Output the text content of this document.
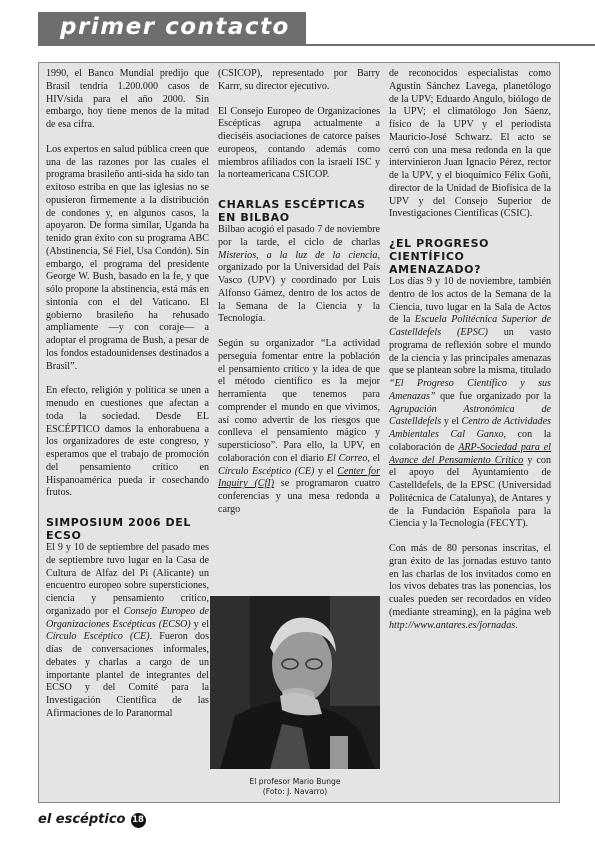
primer contacto

1990, el Banco Mundial predijo que Brasil tendría 1.200.000 casos de HIV/sida para el año 2000. Sin embargo, hoy tiene menos de la mitad de esa cifra.

Los expertos en salud pública creen que una de las razones por las cuales el programa brasileño anti-sida ha sido tan exitoso estriba en que las iglesias no se opusieron firmemente a la distribución de condones y, en algunos casos, la apoyaron. De forma similar, Uganda ha tenido gran éxito con su programa ABC (Abstinencia, Sé Fiel, Usa Condón). Sin embargo, el programa del presidente George W. Bush, basado en la fe, y que sólo propone la abstinencia, está más en sintonía con el del Vaticano. El gobierno brasileño ha rehusado ampliamente —y con coraje— a adoptar el programa de Bush, a pesar de los fondos estadounidenses destinados a Brasil”.

En efecto, religión y política se unen a menudo en cuestiones que afectan a toda la sociedad. Desde EL ESCÉPTICO damos la enhorabuena a los organizadores de este congreso, y esperamos que el trabajo de promoción del pensamiento crítico en Hispanoamérica pueda ir cosechando frutos.

SIMPOSIUM 2006 DEL ECSO

El 9 y 10 de septiembre del pasado mes de septiembre tuvo lugar en la Casa de Cultura de Alfaz del Pi (Alicante) un encuentro europeo sobre supersticiones, ciencia y pensamiento crítico, organizado por el Consejo Europeo de Organizaciones Escépticas (ECSO) y el Círculo Escéptico (CE). Fueron dos días de conversaciones informales, debates y charlas a cargo de un importante plantel de integrantes del ECSO y del Comité para la Investigación Científica de las Afirmaciones de lo Paranormal

(CSICOP), representado por Barry Karrr, su director ejecutivo.

El Consejo Europeo de Organizaciones Escépticas agrupa actualmente a dieciséis asociaciones de catorce países europeos, contando además como miembros afiliados con la israelí ISC y la norteamericana CSICOP.

CHARLAS ESCÉPTICAS EN BILBAO

Bilbao acogió el pasado 7 de noviembre por la tarde, el ciclo de charlas Misterios, a la luz de la ciencia, organizado por la Universidad del País Vasco (UPV) y coordinado por Luis Alfonso Gámez, dentro de los actos de la Semana de la Ciencia y la Tecnología.

Según su organizador “La actividad perseguía fomentar entre la población el pensamiento crítico y la idea de que el método científico es la mejor herramienta que tenemos para comprender el mundo en que vivimos, así como advertir de los riesgos que conlleva el pensamiento mágico y supersticioso”. Para ello, la UPV, en colaboración con el diario El Correo, el Círculo Escéptico (CE) y el Center for Inquiry (CfI) se programaron cuatro conferencias y una mesa redonda a cargo

El profesor Mario Bunge
(Foto: J. Navarro)

de reconocidos especialistas como Agustín Sánchez Lavega, planetólogo de la UPV; Eduardo Angulo, biólogo de la UPV; el climatólogo Jon Sáenz, físico de la UPV y el periodista Mauricio-José Schwarz. El acto se cerró con una mesa redonda en la que intervinieron Juan Ignacio Pérez, rector de la UPV, y el bioquímico Félix Goñi, director de la Unidad de Biofísica de la UPV y del Consejo Superior de Investigaciones Científicas (CSIC).

¿EL PROGRESO CIENTÍFICO AMENAZADO?

Los días 9 y 10 de noviembre, también dentro de los actos de la Semana de la Ciencia, tuvo lugar en la Sala de Actos de la Escuela Politécnica Superior de Castelldefels (EPSC) un vasto programa de reflexión sobre el mundo de la ciencia y las principales amenazas que se plantean sobre la misma, titulado “El Progreso Científico y sus Amenazas” que fue organizado por la Agrupación Astronómica de Castelldefels y el Centro de Actividades Ambientales Cal Ganxo, con la colaboración de ARP-Sociedad para el Avance del Pensamiento Crítico y con el apoyo del Ayuntamiento de Castelldefels, de la EPSC (Universidad Politécnica de Catalunya), de Antares y de la Fundación Española para la Ciencia y la Tecnología (FECYT).

Con más de 80 personas inscritas, el gran éxito de las jornadas estuvo tanto en las charlas de los invitados como en los vivos debates tras las ponencias, los cuales pueden ser recordados en vídeo (mediante streaming), en la página web http://www.antares.es/jornadas.

el escéptico 18
